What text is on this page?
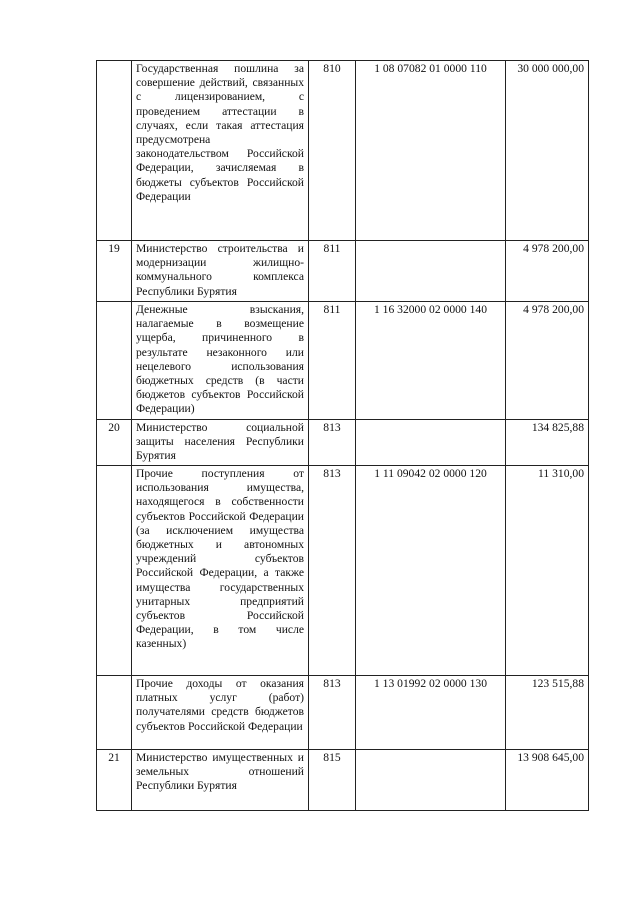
	Государственная пошлина за совершение действий, связанных с лицензированием, с проведением аттестации в случаях, если такая аттестация предусмотрена законодательством Российской Федерации, зачисляемая в бюджеты субъектов Российской Федерации	810	1 08 07082 01 0000 110	30 000 000,00
19	Министерство строительства и модернизации жилищно-коммунального комплекса Республики Бурятия	811		4 978 200,00
	Денежные взыскания, налагаемые в возмещение ущерба, причиненного в результате незаконного или нецелевого использования бюджетных средств (в части бюджетов субъектов Российской Федерации)	811	1 16 32000 02 0000 140	4 978 200,00
20	Министерство социальной защиты населения Республики Бурятия	813		134 825,88
	Прочие поступления от использования имущества, находящегося в собственности субъектов Российской Федерации (за исключением имущества бюджетных и автономных учреждений субъектов Российской Федерации, а также имущества государственных унитарных предприятий субъектов Российской Федерации, в том числе казенных)	813	1 11 09042 02 0000 120	11 310,00
	Прочие доходы от оказания платных услуг (работ) получателями средств бюджетов субъектов Российской Федерации	813	1 13 01992 02 0000 130	123 515,88
21	Министерство имущественных и земельных отношений Республики Бурятия	815		13 908 645,00
